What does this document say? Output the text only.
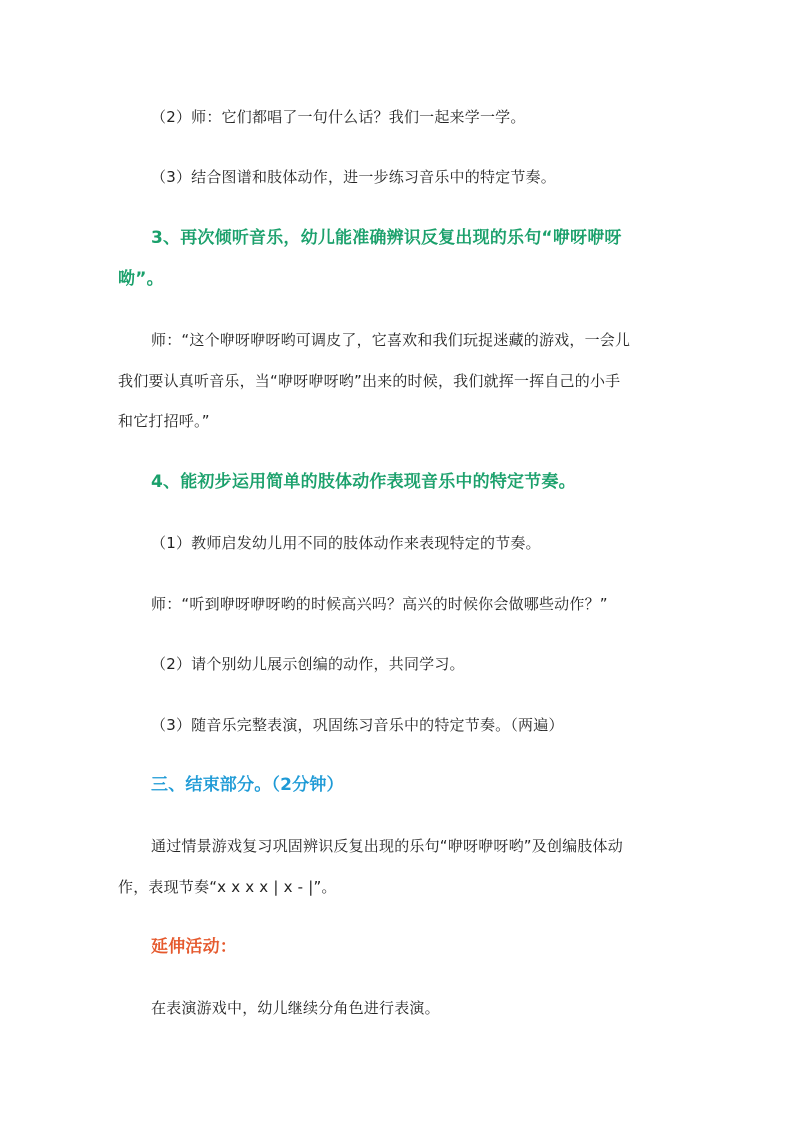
（2）师：它们都唱了一句什么话？我们一起来学一学。
（3）结合图谱和肢体动作，进一步练习音乐中的特定节奏。
3、再次倾听音乐，幼儿能准确辨识反复出现的乐句“咿呀咿呀
呦”。
师：“这个咿呀咿呀哟可调皮了，它喜欢和我们玩捉迷藏的游戏，一会儿
我们要认真听音乐，当“咿呀咿呀哟”出来的时候，我们就挥一挥自己的小手
和它打招呼。”
4、能初步运用简单的肢体动作表现音乐中的特定节奏。
（1）教师启发幼儿用不同的肢体动作来表现特定的节奏。
师：“听到咿呀咿呀哟的时候高兴吗？高兴的时候你会做哪些动作？”
（2）请个别幼儿展示创编的动作，共同学习。
（3）随音乐完整表演，巩固练习音乐中的特定节奏。（两遍）
三、结束部分。（2分钟）
通过情景游戏复习巩固辨识反复出现的乐句“咿呀咿呀哟”及创编肢体动
作，表现节奏“x x x x | x - |”。
延伸活动：
在表演游戏中，幼儿继续分角色进行表演。
